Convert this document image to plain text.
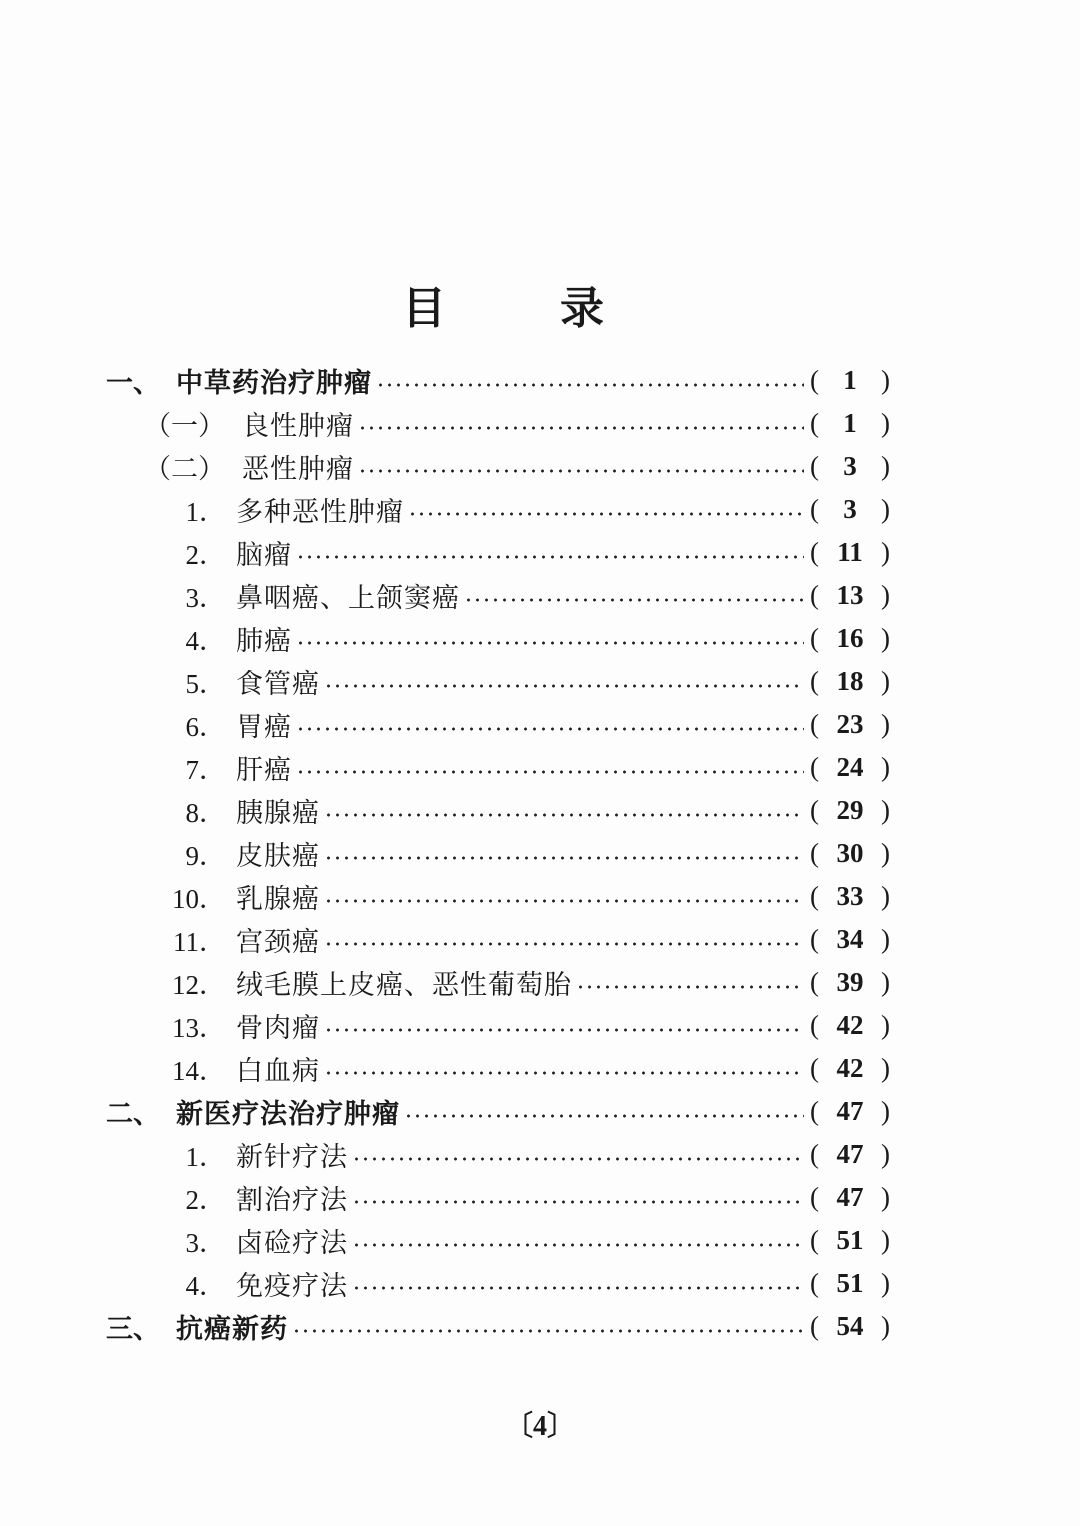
目	录
一、 中草药治疗肿瘤	( 1 )
（一） 良性肿瘤	( 1 )
（二） 恶性肿瘤	( 3 )
1． 多种恶性肿瘤	( 3 )
2． 脑瘤	( 11 )
3． 鼻咽癌、上颌窦癌	( 13 )
4． 肺癌	( 16 )
5． 食管癌	( 18 )
6． 胃癌	( 23 )
7． 肝癌	( 24 )
8． 胰腺癌	( 29 )
9． 皮肤癌	( 30 )
10． 乳腺癌	( 33 )
11． 宫颈癌	( 34 )
12． 绒毛膜上皮癌、恶性葡萄胎	( 39 )
13． 骨肉瘤	( 42 )
14． 白血病	( 42 )
二、 新医疗法治疗肿瘤	( 47 )
1． 新针疗法	( 47 )
2． 割治疗法	( 47 )
3． 卤硷疗法	( 51 )
4． 免疫疗法	( 51 )
三、 抗癌新药	( 54 )
〔4〕
